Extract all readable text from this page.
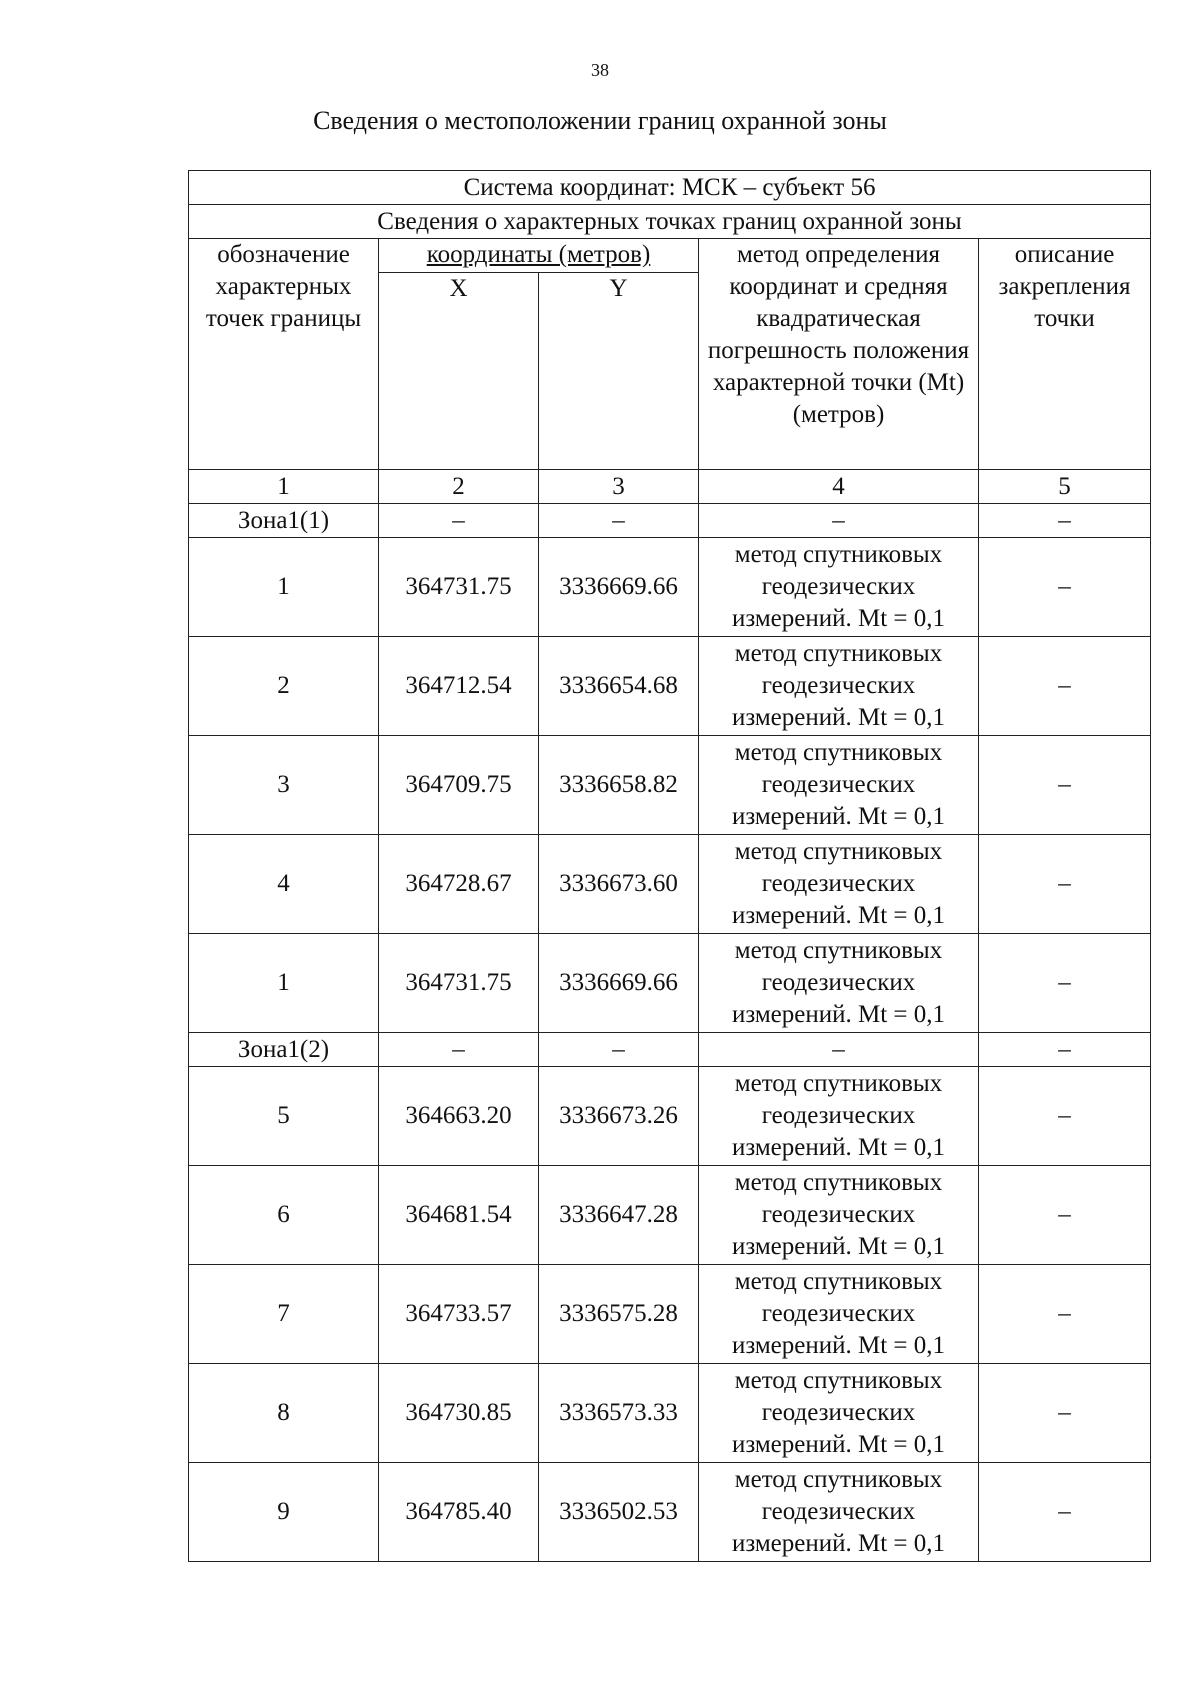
38
Сведения о местоположении границ охранной зоны
Система координат: МСК – субъект 56				
Сведения о характерных точках границ охранной зоны				
обозначение характерных точек границы	координаты (метров)		метод определения координат и средняя квадратическая погрешность положения характерной точки (Mt) (метров)	описание закрепления точки
	X	Y		
1	2	3	4	5
Зона1(1)	–	–	–	–
1	364731.75	3336669.66	метод спутниковых геодезических измерений. Mt = 0,1	–
2	364712.54	3336654.68	метод спутниковых геодезических измерений. Mt = 0,1	–
3	364709.75	3336658.82	метод спутниковых геодезических измерений. Mt = 0,1	–
4	364728.67	3336673.60	метод спутниковых геодезических измерений. Mt = 0,1	–
1	364731.75	3336669.66	метод спутниковых геодезических измерений. Mt = 0,1	–
Зона1(2)	–	–	–	–
5	364663.20	3336673.26	метод спутниковых геодезических измерений. Mt = 0,1	–
6	364681.54	3336647.28	метод спутниковых геодезических измерений. Mt = 0,1	–
7	364733.57	3336575.28	метод спутниковых геодезических измерений. Mt = 0,1	–
8	364730.85	3336573.33	метод спутниковых геодезических измерений. Mt = 0,1	–
9	364785.40	3336502.53	метод спутниковых геодезических измерений. Mt = 0,1	–
